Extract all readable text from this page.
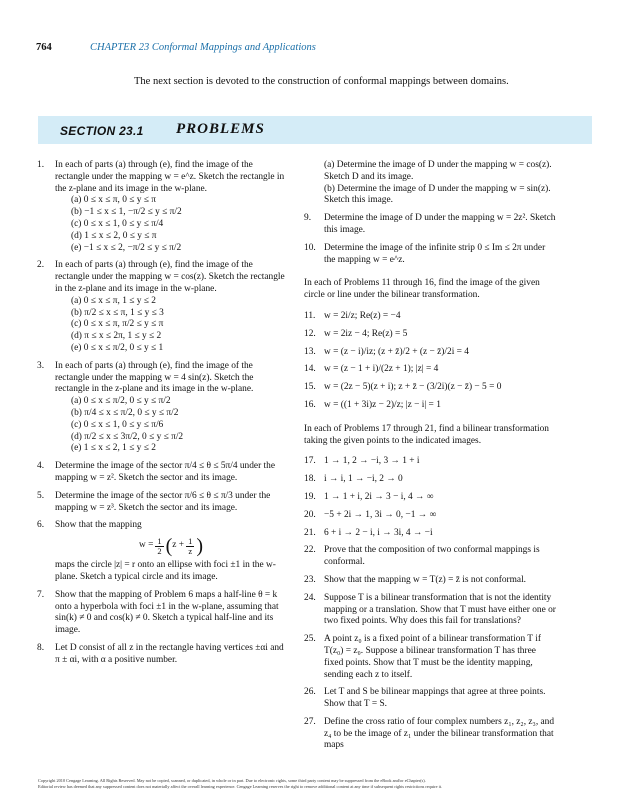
764	CHAPTER 23 Conformal Mappings and Applications
The next section is devoted to the construction of conformal mappings between domains.
SECTION 23.1 PROBLEMS
1.	In each of parts (a) through (e), find the image of the rectangle under the mapping w = e^z. Sketch the rectangle in the z-plane and its image in the w-plane.
(a) 0 ≤ x ≤ π, 0 ≤ y ≤ π
(b) −1 ≤ x ≤ 1, −π/2 ≤ y ≤ π/2
(c) 0 ≤ x ≤ 1, 0 ≤ y ≤ π/4
(d) 1 ≤ x ≤ 2, 0 ≤ y ≤ π
(e) −1 ≤ x ≤ 2, −π/2 ≤ y ≤ π/2
2.	In each of parts (a) through (e), find the image of the rectangle under the mapping w = cos(z). Sketch the rectangle in the z-plane and its image in the w-plane.
(a) 0 ≤ x ≤ π, 1 ≤ y ≤ 2
(b) π/2 ≤ x ≤ π, 1 ≤ y ≤ 3
(c) 0 ≤ x ≤ π, π/2 ≤ y ≤ π
(d) π ≤ x ≤ 2π, 1 ≤ y ≤ 2
(e) 0 ≤ x ≤ π/2, 0 ≤ y ≤ 1
3.	In each of parts (a) through (e), find the image of the rectangle under the mapping w = 4 sin(z). Sketch the rectangle in the z-plane and its image in the w-plane.
(a) 0 ≤ x ≤ π/2, 0 ≤ y ≤ π/2
(b) π/4 ≤ x ≤ π/2, 0 ≤ y ≤ π/2
(c) 0 ≤ x ≤ 1, 0 ≤ y ≤ π/6
(d) π/2 ≤ x ≤ 3π/2, 0 ≤ y ≤ π/2
(e) 1 ≤ x ≤ 2, 1 ≤ y ≤ 2
4.	Determine the image of the sector π/4 ≤ θ ≤ 5π/4 under the mapping w = z². Sketch the sector and its image.
5.	Determine the image of the sector π/6 ≤ θ ≤ π/3 under the mapping w = z³. Sketch the sector and its image.
6.	Show that the mapping
$w = \frac{1}{2}$ ( $z + \frac{1}{z}$ )
maps the circle |z| = r onto an ellipse with foci ±1 in the w-plane. Sketch a typical circle and its image.
7.	Show that the mapping of Problem 6 maps a half-line θ = k onto a hyperbola with foci ±1 in the w-plane, assuming that sin(k) ≠ 0 and cos(k) ≠ 0. Sketch a typical half-line and its image.
8.	Let D consist of all z in the rectangle having vertices ±αi and π ± αi, with α a positive number.
(a) Determine the image of D under the mapping w = cos(z). Sketch D and its image.
(b) Determine the image of D under the mapping w = sin(z). Sketch this image.
9.	Determine the image of D under the mapping w = 2z². Sketch this image.
10. Determine the image of the infinite strip 0 ≤ Im ≤ 2π under the mapping w = e^z.
In each of Problems 11 through 16, find the image of the given circle or line under the bilinear transformation.
11. w = 2i/z; Re(z) = −4
12. w = 2iz − 4; Re(z) = 5
13. w = (z − i)/iz; (z + z̄)/2 + (z − z̄)/2i = 4
14. w = (z − 1 + i)/(2z + 1); |z| = 4
15. w = (2z − 5)(z + i); z + z̄ − (3/2i)(z − z̄) − 5 = 0
16. w = ((1 + 3i)z − 2)/z; |z − i| = 1
In each of Problems 17 through 21, find a bilinear transformation taking the given points to the indicated images.
17. 1 → 1, 2 → −i, 3 → 1 + i
18. i → i, 1 → −i, 2 → 0
19. 1 → 1 + i, 2i → 3 − i, 4 → ∞
20. −5 + 2i → 1, 3i → 0, −1 → ∞
21. 6 + i → 2 − i, i → 3i, 4 → −i
22. Prove that the composition of two conformal mappings is conformal.
23. Show that the mapping w = T(z) = z̄ is not conformal.
24. Suppose T is a bilinear transformation that is not the identity mapping or a translation. Show that T must have either one or two fixed points. Why does this fail for translations?
25. A point z₀ is a fixed point of a bilinear transformation T if T(z₀) = z₀. Suppose a bilinear transformation T has three fixed points. Show that T must be the identity mapping, sending each z to itself.
26. Let T and S be bilinear mappings that agree at three points. Show that T = S.
27. Define the cross ratio of four complex numbers z₁, z₂, z₃, and z₄ to be the image of z₁ under the bilinear transformation that maps
Copyright 2010 Cengage Learning. All Rights Reserved. May not be copied, scanned, or duplicated, in whole or in part. Due to electronic rights, some third party content may be suppressed from the eBook and/or eChapter(s).
Editorial review has deemed that any suppressed content does not materially affect the overall learning experience. Cengage Learning reserves the right to remove additional content at any time if subsequent rights restrictions require it.
